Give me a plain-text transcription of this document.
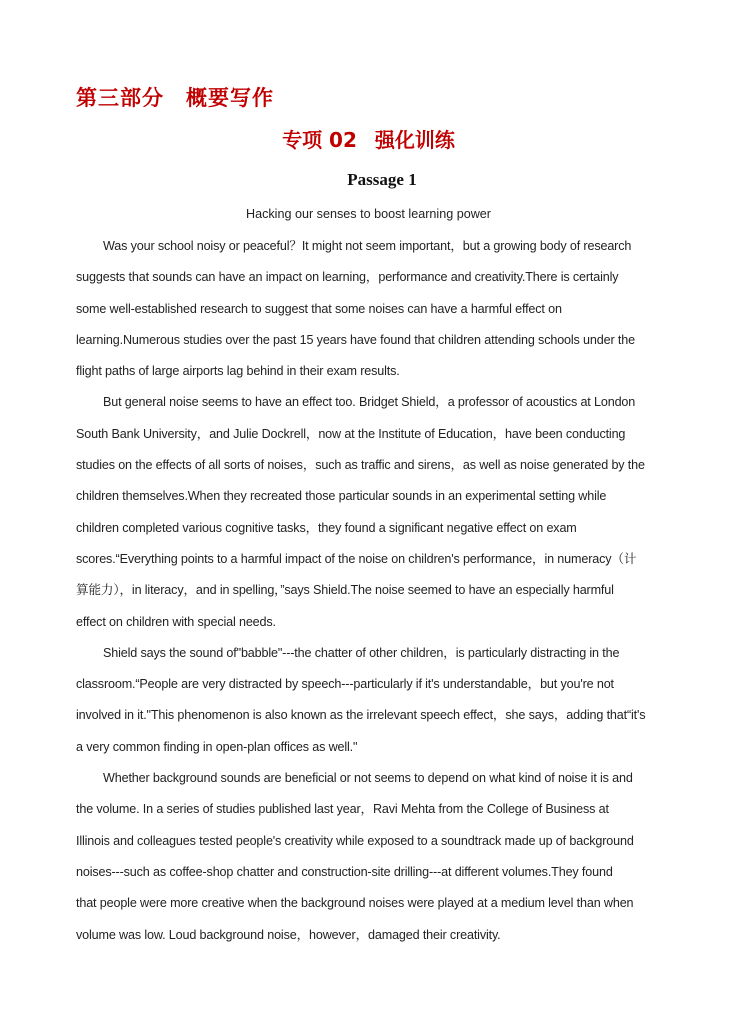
第三部分　概要写作
专项 02 强化训练
Passage 1
Hacking our senses to boost learning power
Was your school noisy or peaceful？It might not seem important，but a growing body of research
suggests that sounds can have an impact on learning，performance and creativity.There is certainly
some well-established research to suggest that some noises can have a harmful effect on
learning.Numerous studies over the past 15 years have found that children attending schools under the
flight paths of large airports lag behind in their exam results.
But general noise seems to have an effect too. Bridget Shield，a professor of acoustics at London
South Bank University，and Julie Dockrell，now at the Institute of Education，have been conducting
studies on the effects of all sorts of noises，such as traffic and sirens，as well as noise generated by the
children themselves.When they recreated those particular sounds in an experimental setting while
children completed various cognitive tasks，they found a significant negative effect on exam
scores.“Everything points to a harmful impact of the noise on children's performance，in numeracy（计
算能力），in literacy，and in spelling，”says Shield.The noise seemed to have an especially harmful
effect on children with special needs.
Shield says the sound of"babble"---the chatter of other children，is particularly distracting in the
classroom.“People are very distracted by speech---particularly if it's understandable，but you're not
involved in it."This phenomenon is also known as the irrelevant speech effect，she says，adding that“it's
a very common finding in open-plan offices as well."
Whether background sounds are beneficial or not seems to depend on what kind of noise it is and
the volume. In a series of studies published last year，Ravi Mehta from the College of Business at
Illinois and colleagues tested people's creativity while exposed to a soundtrack made up of background
noises---such as coffee-shop chatter and construction-site drilling---at different volumes.They found
that people were more creative when the background noises were played at a medium level than when
volume was low. Loud background noise，however，damaged their creativity.
